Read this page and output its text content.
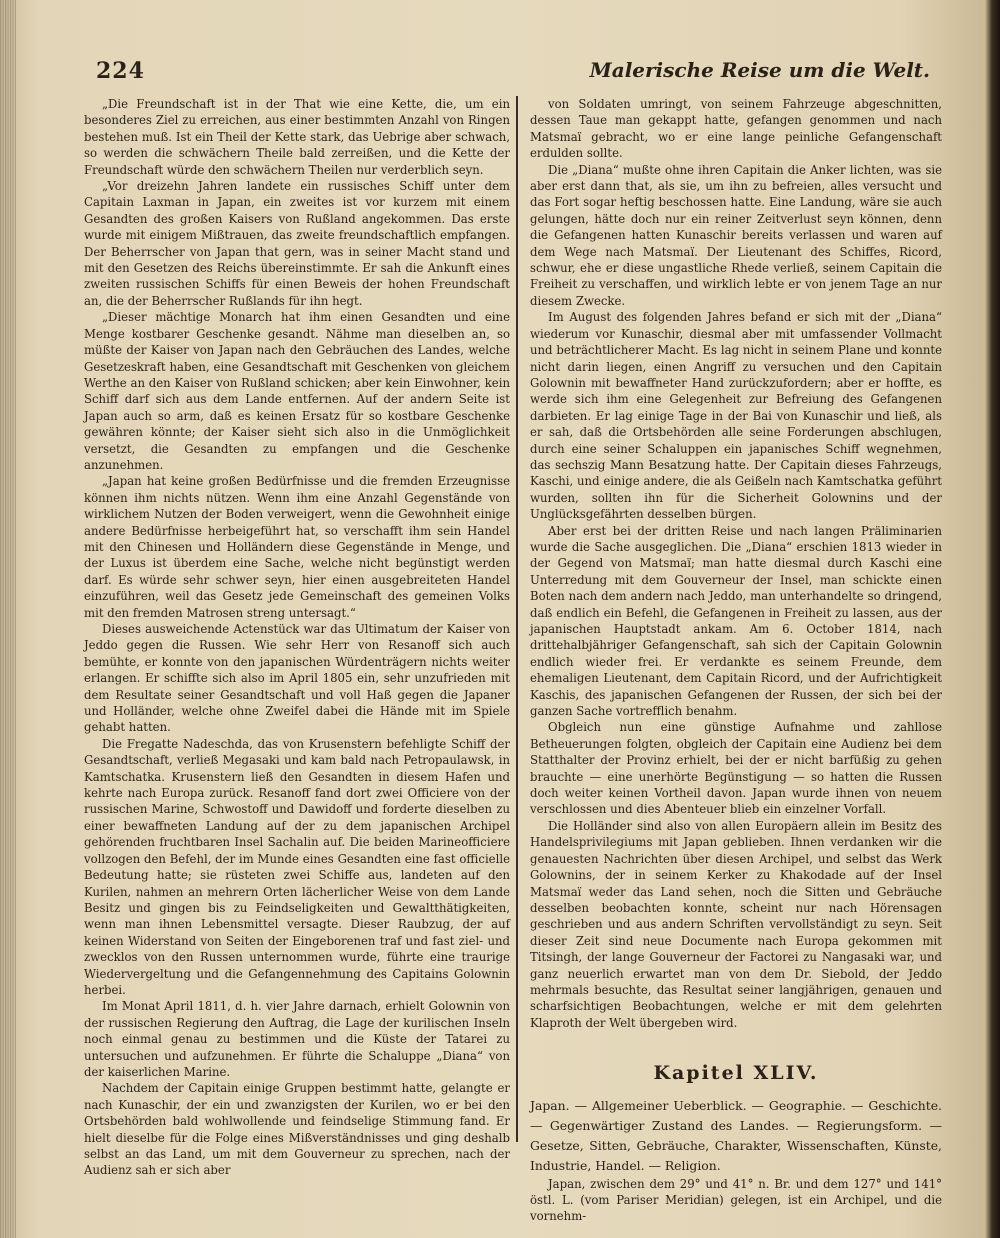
224	Malerische Reise um die Welt.

„Die Freundschaft ist in der That wie eine Kette, die, um ein besonderes Ziel zu erreichen, aus einer bestimmten Anzahl von Ringen bestehen muß. Ist ein Theil der Kette stark, das Uebrige aber schwach, so werden die schwächern Theile bald zerreißen, und die Kette der Freundschaft würde den schwächern Theilen nur verderblich seyn.

„Vor dreizehn Jahren landete ein russisches Schiff unter dem Capitain Laxman in Japan, ein zweites ist vor kurzem mit einem Gesandten des großen Kaisers von Rußland angekommen. Das erste wurde mit einigem Mißtrauen, das zweite freundschaftlich empfangen. Der Beherrscher von Japan that gern, was in seiner Macht stand und mit den Gesetzen des Reichs übereinstimmte. Er sah die Ankunft eines zweiten russischen Schiffs für einen Beweis der hohen Freundschaft an, die der Beherrscher Rußlands für ihn hegt.

„Dieser mächtige Monarch hat ihm einen Gesandten und eine Menge kostbarer Geschenke gesandt. Nähme man dieselben an, so müßte der Kaiser von Japan nach den Gebräuchen des Landes, welche Gesetzeskraft haben, eine Gesandtschaft mit Geschenken von gleichem Werthe an den Kaiser von Rußland schicken; aber kein Einwohner, kein Schiff darf sich aus dem Lande entfernen. Auf der andern Seite ist Japan auch so arm, daß es keinen Ersatz für so kostbare Geschenke gewähren könnte; der Kaiser sieht sich also in die Unmöglichkeit versetzt, die Gesandten zu empfangen und die Geschenke anzunehmen.

„Japan hat keine großen Bedürfnisse und die fremden Erzeugnisse können ihm nichts nützen. Wenn ihm eine Anzahl Gegenstände von wirklichem Nutzen der Boden verweigert, wenn die Gewohnheit einige andere Bedürfnisse herbeigeführt hat, so verschafft ihm sein Handel mit den Chinesen und Holländern diese Gegenstände in Menge, und der Luxus ist überdem eine Sache, welche nicht begünstigt werden darf. Es würde sehr schwer seyn, hier einen ausgebreiteten Handel einzuführen, weil das Gesetz jede Gemeinschaft des gemeinen Volks mit den fremden Matrosen streng untersagt.“

Dieses ausweichende Actenstück war das Ultimatum der Kaiser von Jeddo gegen die Russen. Wie sehr Herr von Resanoff sich auch bemühte, er konnte von den japanischen Würdenträgern nichts weiter erlangen. Er schiffte sich also im April 1805 ein, sehr unzufrieden mit dem Resultate seiner Gesandtschaft und voll Haß gegen die Japaner und Holländer, welche ohne Zweifel dabei die Hände mit im Spiele gehabt hatten.

Die Fregatte Nadeschda, das von Krusenstern befehligte Schiff der Gesandtschaft, verließ Megasaki und kam bald nach Petropaulawsk, in Kamtschatka. Krusenstern ließ den Gesandten in diesem Hafen und kehrte nach Europa zurück. Resanoff fand dort zwei Officiere von der russischen Marine, Schwostoff und Dawidoff und forderte dieselben zu einer bewaffneten Landung auf der zu dem japanischen Archipel gehörenden fruchtbaren Insel Sachalin auf. Die beiden Marineofficiere vollzogen den Befehl, der im Munde eines Gesandten eine fast officielle Bedeutung hatte; sie rüsteten zwei Schiffe aus, landeten auf den Kurilen, nahmen an mehrern Orten lächerlicher Weise von dem Lande Besitz und gingen bis zu Feindseligkeiten und Gewaltthätigkeiten, wenn man ihnen Lebensmittel versagte. Dieser Raubzug, der auf keinen Widerstand von Seiten der Eingeborenen traf und fast ziel- und zwecklos von den Russen unternommen wurde, führte eine traurige Wiedervergeltung und die Gefangennehmung des Capitains Golownin herbei.

Im Monat April 1811, d. h. vier Jahre darnach, erhielt Golownin von der russischen Regierung den Auftrag, die Lage der kurilischen Inseln noch einmal genau zu bestimmen und die Küste der Tatarei zu untersuchen und aufzunehmen. Er führte die Schaluppe „Diana“ von der kaiserlichen Marine.

Nachdem der Capitain einige Gruppen bestimmt hatte, gelangte er nach Kunaschir, der ein und zwanzigsten der Kurilen, wo er bei den Ortsbehörden bald wohlwollende und feindselige Stimmung fand. Er hielt dieselbe für die Folge eines Mißverständnisses und ging deshalb selbst an das Land, um mit dem Gouverneur zu sprechen, nach der Audienz sah er sich aber

von Soldaten umringt, von seinem Fahrzeuge abgeschnitten, dessen Taue man gekappt hatte, gefangen genommen und nach Matsmaï gebracht, wo er eine lange peinliche Gefangenschaft erdulden sollte.

Die „Diana“ mußte ohne ihren Capitain die Anker lichten, was sie aber erst dann that, als sie, um ihn zu befreien, alles versucht und das Fort sogar heftig beschossen hatte. Eine Landung, wäre sie auch gelungen, hätte doch nur ein reiner Zeitverlust seyn können, denn die Gefangenen hatten Kunaschir bereits verlassen und waren auf dem Wege nach Matsmaï. Der Lieutenant des Schiffes, Ricord, schwur, ehe er diese ungastliche Rhede verließ, seinem Capitain die Freiheit zu verschaffen, und wirklich lebte er von jenem Tage an nur diesem Zwecke.

Im August des folgenden Jahres befand er sich mit der „Diana“ wiederum vor Kunaschir, diesmal aber mit umfassender Vollmacht und beträchtlicherer Macht. Es lag nicht in seinem Plane und konnte nicht darin liegen, einen Angriff zu versuchen und den Capitain Golownin mit bewaffneter Hand zurückzufordern; aber er hoffte, es werde sich ihm eine Gelegenheit zur Befreiung des Gefangenen darbieten. Er lag einige Tage in der Bai von Kunaschir und ließ, als er sah, daß die Ortsbehörden alle seine Forderungen abschlugen, durch eine seiner Schaluppen ein japanisches Schiff wegnehmen, das sechszig Mann Besatzung hatte. Der Capitain dieses Fahrzeugs, Kaschi, und einige andere, die als Geißeln nach Kamtschatka geführt wurden, sollten ihn für die Sicherheit Golownins und der Unglücksgefährten desselben bürgen.

Aber erst bei der dritten Reise und nach langen Präliminarien wurde die Sache ausgeglichen. Die „Diana“ erschien 1813 wieder in der Gegend von Matsmaï; man hatte diesmal durch Kaschi eine Unterredung mit dem Gouverneur der Insel, man schickte einen Boten nach dem andern nach Jeddo, man unterhandelte so dringend, daß endlich ein Befehl, die Gefangenen in Freiheit zu lassen, aus der japanischen Hauptstadt ankam. Am 6. October 1814, nach drittehalbjähriger Gefangenschaft, sah sich der Capitain Golownin endlich wieder frei. Er verdankte es seinem Freunde, dem ehemaligen Lieutenant, dem Capitain Ricord, und der Aufrichtigkeit Kaschis, des japanischen Gefangenen der Russen, der sich bei der ganzen Sache vortrefflich benahm.

Obgleich nun eine günstige Aufnahme und zahllose Betheuerungen folgten, obgleich der Capitain eine Audienz bei dem Statthalter der Provinz erhielt, bei der er nicht barfüßig zu gehen brauchte — eine unerhörte Begünstigung — so hatten die Russen doch weiter keinen Vortheil davon. Japan wurde ihnen von neuem verschlossen und dies Abenteuer blieb ein einzelner Vorfall.

Die Holländer sind also von allen Europäern allein im Besitz des Handelsprivilegiums mit Japan geblieben. Ihnen verdanken wir die genauesten Nachrichten über diesen Archipel, und selbst das Werk Golownins, der in seinem Kerker zu Khakodade auf der Insel Matsmaï weder das Land sehen, noch die Sitten und Gebräuche desselben beobachten konnte, scheint nur nach Hörensagen geschrieben und aus andern Schriften vervollständigt zu seyn. Seit dieser Zeit sind neue Documente nach Europa gekommen mit Titsingh, der lange Gouverneur der Factorei zu Nangasaki war, und ganz neuerlich erwartet man von dem Dr. Siebold, der Jeddo mehrmals besuchte, das Resultat seiner langjährigen, genauen und scharfsichtigen Beobachtungen, welche er mit dem gelehrten Klaproth der Welt übergeben wird.

Kapitel XLIV.

Japan. — Allgemeiner Ueberblick. — Geographie. — Geschichte. — Gegenwärtiger Zustand des Landes. — Regierungsform. — Gesetze, Sitten, Gebräuche, Charakter, Wissenschaften, Künste, Industrie, Handel. — Religion.

Japan, zwischen dem 29° und 41° n. Br. und dem 127° und 141° östl. L. (vom Pariser Meridian) gelegen, ist ein Archipel, und die vornehm-
